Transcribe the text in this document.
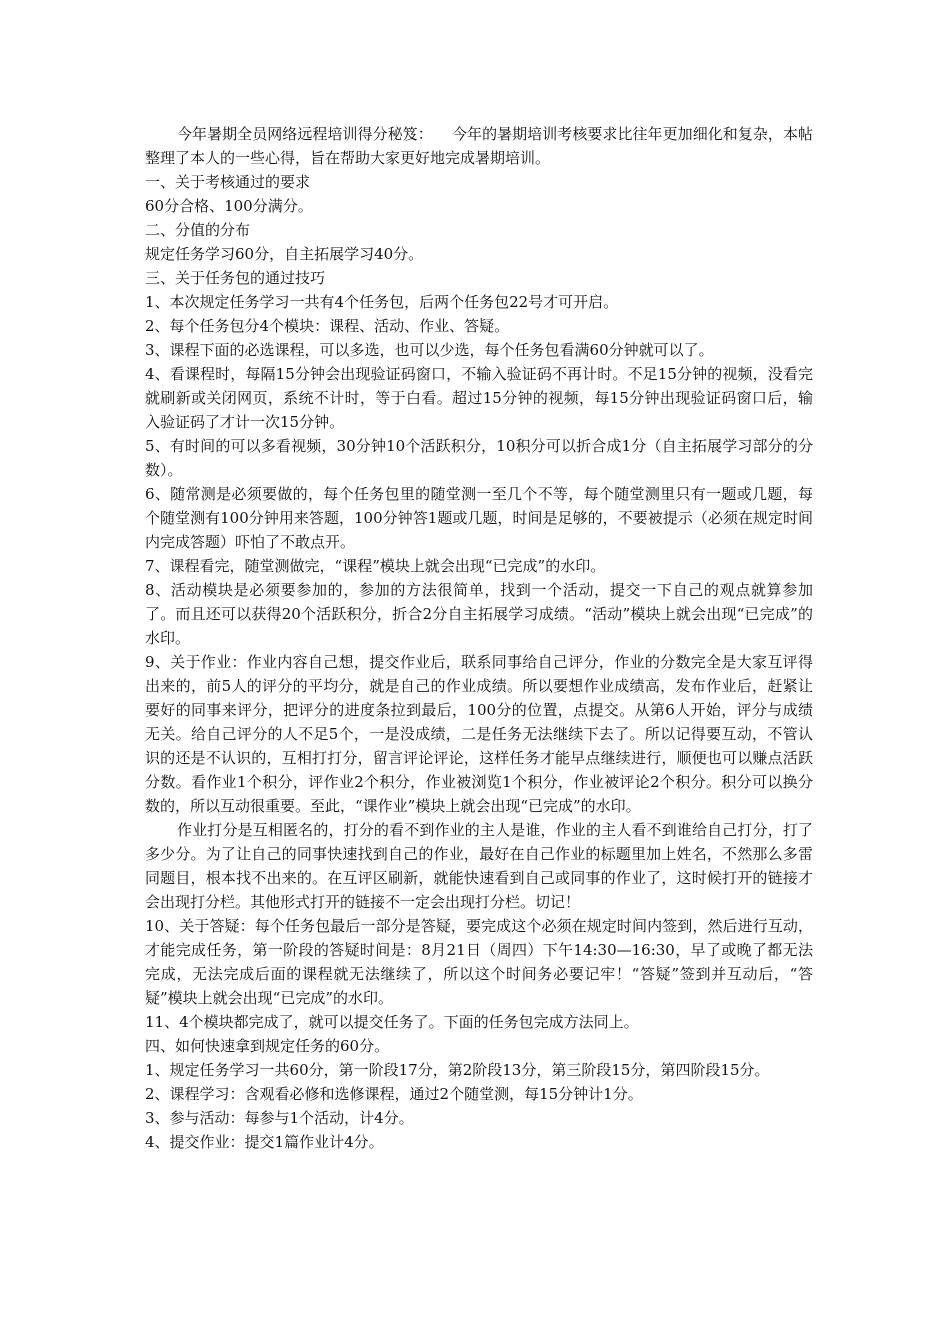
今年暑期全员网络远程培训得分秘笈：    今年的暑期培训考核要求比往年更加细化和复杂，本帖整理了本人的一些心得，旨在帮助大家更好地完成暑期培训。

一、关于考核通过的要求

60分合格、100分满分。

二、分值的分布

规定任务学习60分，自主拓展学习40分。

三、关于任务包的通过技巧

1、本次规定任务学习一共有4个任务包，后两个任务包22号才可开启。

2、每个任务包分4个模块：课程、活动、作业、答疑。

3、课程下面的必选课程，可以多选，也可以少选，每个任务包看满60分钟就可以了。

4、看课程时，每隔15分钟会出现验证码窗口，不输入验证码不再计时。不足15分钟的视频，没看完就刷新或关闭网页，系统不计时，等于白看。超过15分钟的视频，每15分钟出现验证码窗口后，输入验证码了才计一次15分钟。

5、有时间的可以多看视频，30分钟10个活跃积分，10积分可以折合成1分（自主拓展学习部分的分数）。

6、随常测是必须要做的，每个任务包里的随堂测一至几个不等，每个随堂测里只有一题或几题，每个随堂测有100分钟用来答题，100分钟答1题或几题，时间是足够的，不要被提示（必须在规定时间内完成答题）吓怕了不敢点开。

7、课程看完，随堂测做完，“课程”模块上就会出现“已完成”的水印。

8、活动模块是必须要参加的，参加的方法很简单，找到一个活动，提交一下自己的观点就算参加了。而且还可以获得20个活跃积分，折合2分自主拓展学习成绩。“活动”模块上就会出现“已完成”的水印。

9、关于作业：作业内容自己想，提交作业后，联系同事给自己评分，作业的分数完全是大家互评得出来的，前5人的评分的平均分，就是自己的作业成绩。所以要想作业成绩高，发布作业后，赶紧让要好的同事来评分，把评分的进度条拉到最后，100分的位置，点提交。从第6人开始，评分与成绩无关。给自己评分的人不足5个，一是没成绩，二是任务无法继续下去了。所以记得要互动，不管认识的还是不认识的，互相打打分，留言评论评论，这样任务才能早点继续进行，顺便也可以赚点活跃分数。看作业1个积分，评作业2个积分，作业被浏览1个积分，作业被评论2个积分。积分可以换分数的，所以互动很重要。至此，“课作业”模块上就会出现“已完成”的水印。

作业打分是互相匿名的，打分的看不到作业的主人是谁，作业的主人看不到谁给自己打分，打了多少分。为了让自己的同事快速找到自己的作业，最好在自己作业的标题里加上姓名，不然那么多雷同题目，根本找不出来的。在互评区刷新，就能快速看到自己或同事的作业了，这时候打开的链接才会出现打分栏。其他形式打开的链接不一定会出现打分栏。切记！

10、关于答疑：每个任务包最后一部分是答疑，要完成这个必须在规定时间内签到，然后进行互动，才能完成任务，第一阶段的答疑时间是：8月21日（周四）下午14:30—16:30，早了或晚了都无法完成，无法完成后面的课程就无法继续了，所以这个时间务必要记牢！“答疑”签到并互动后，“答疑”模块上就会出现“已完成”的水印。

11、4个模块都完成了，就可以提交任务了。下面的任务包完成方法同上。

四、如何快速拿到规定任务的60分。

1、规定任务学习一共60分，第一阶段17分，第2阶段13分，第三阶段15分，第四阶段15分。

2、课程学习：含观看必修和选修课程，通过2个随堂测，每15分钟计1分。

3、参与活动：每参与1个活动，计4分。

4、提交作业：提交1篇作业计4分。
